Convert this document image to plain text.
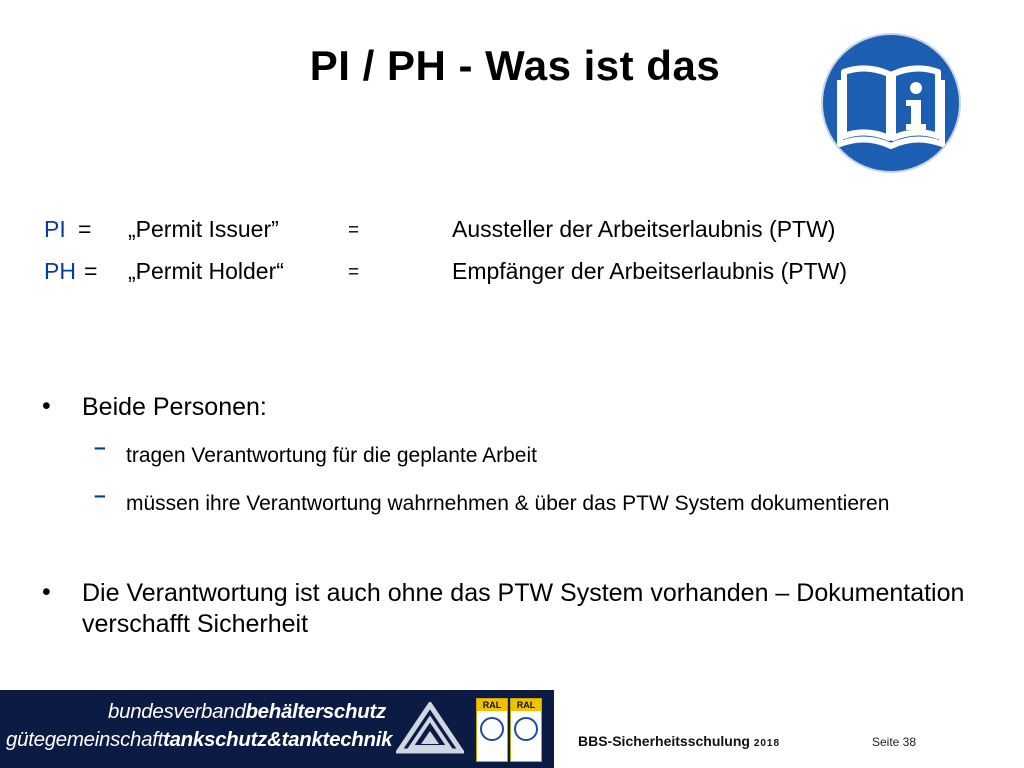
PI / PH - Was ist das
PI = „Permit Issuer”	=	Aussteller der Arbeitserlaubnis (PTW)
PH = „Permit Holder“	=	Empfänger der Arbeitserlaubnis (PTW)
• Beide Personen:
– tragen Verantwortung für die geplante Arbeit
– müssen ihre Verantwortung wahrnehmen & über das PTW System dokumentieren
• Die Verantwortung ist auch ohne das PTW System vorhanden – Dokumentation verschafft Sicherheit
bundesverbandbehälterschutz
gütegemeinschafttankschutz&tanktechnik
RAL	RAL
BBS-Sicherheitsschulung 2018	Seite 38
